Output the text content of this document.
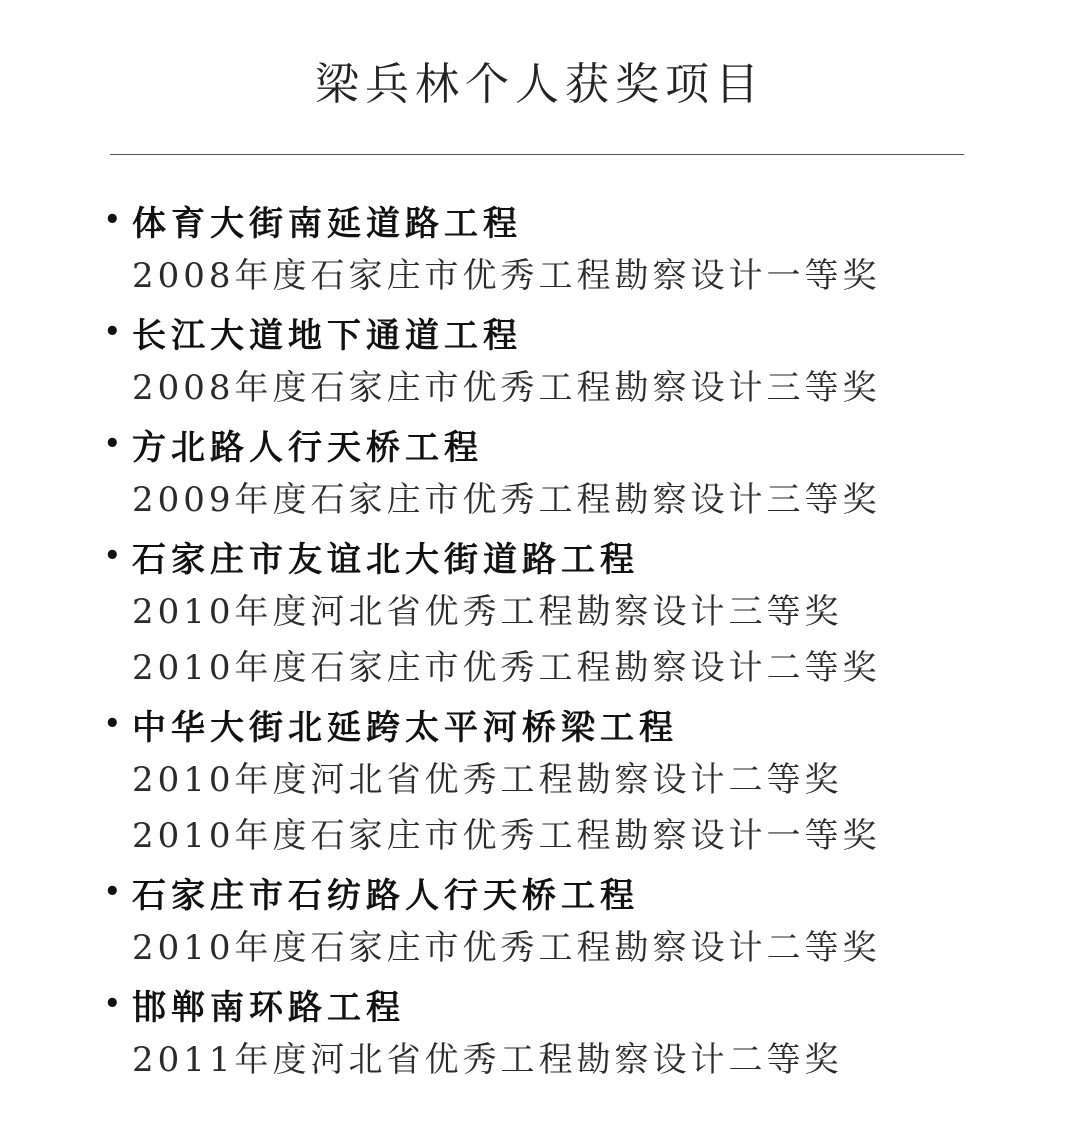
梁兵林个人获奖项目
• 体育大街南延道路工程
2008年度石家庄市优秀工程勘察设计一等奖
• 长江大道地下通道工程
2008年度石家庄市优秀工程勘察设计三等奖
• 方北路人行天桥工程
2009年度石家庄市优秀工程勘察设计三等奖
• 石家庄市友谊北大街道路工程
2010年度河北省优秀工程勘察设计三等奖
2010年度石家庄市优秀工程勘察设计二等奖
• 中华大街北延跨太平河桥梁工程
2010年度河北省优秀工程勘察设计二等奖
2010年度石家庄市优秀工程勘察设计一等奖
• 石家庄市石纺路人行天桥工程
2010年度石家庄市优秀工程勘察设计二等奖
• 邯郸南环路工程
2011年度河北省优秀工程勘察设计二等奖
